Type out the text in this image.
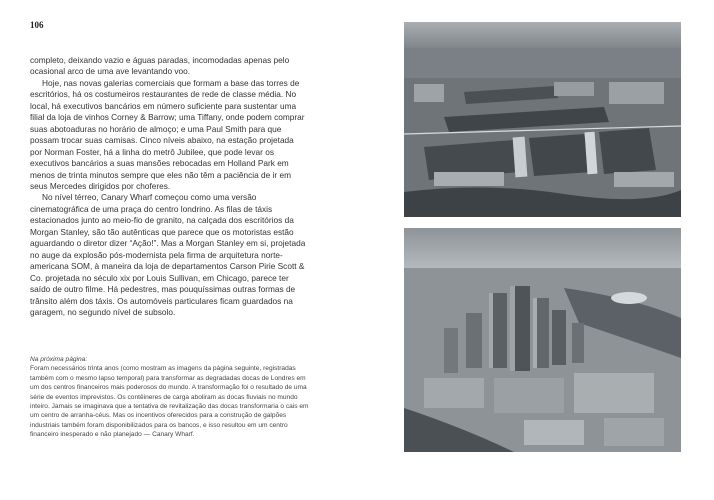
106

completo, deixando vazio e águas paradas, incomodadas apenas pelo ocasional arco de uma ave levantando voo.

Hoje, nas novas galerias comerciais que formam a base das torres de escritórios, há os costumeiros restaurantes de rede de classe média. No local, há executivos bancários em número suficiente para sustentar uma filial da loja de vinhos Corney & Barrow; uma Tiffany, onde podem comprar suas abotoaduras no horário de almoço; e uma Paul Smith para que possam trocar suas camisas. Cinco níveis abaixo, na estação projetada por Norman Foster, há a linha do metrô Jubilee, que pode levar os executivos bancários a suas mansões rebocadas em Holland Park em menos de trinta minutos sempre que eles não têm a paciência de ir em seus Mercedes dirigidos por choferes.

No nível térreo, Canary Wharf começou como uma versão cinematográfica de uma praça do centro londrino. As filas de táxis estacionados junto ao meio-fio de granito, na calçada dos escritórios da Morgan Stanley, são tão autênticas que parece que os motoristas estão aguardando o diretor dizer “Ação!”. Mas a Morgan Stanley em si, projetada no auge da explosão pós-modernista pela firma de arquitetura norte-americana SOM, à maneira da loja de departamentos Carson Pirie Scott & Co. projetada no século xix por Louis Sullivan, em Chicago, parece ter saído de outro filme. Há pedestres, mas pouquíssimas outras formas de trânsito além dos táxis. Os automóveis particulares ficam guardados na garagem, no segundo nível de subsolo.

Na próxima página:

Foram necessários trinta anos (como mostram as imagens da página seguinte, registradas também com o mesmo lapso temporal) para transformar as degradadas docas de Londres em um dos centros financeiros mais poderosos do mundo. A transformação foi o resultado de uma série de eventos imprevistos. Os contêineres de carga aboliram as docas fluviais no mundo inteiro. Jamais se imaginava que a tentativa de revitalização das docas transformaria o cais em um centro de arranha-céus. Mas os incentivos oferecidos para a construção de galpões industriais também foram disponibilizados para os bancos, e isso resultou em um centro financeiro inesperado e não planejado — Canary Wharf.
